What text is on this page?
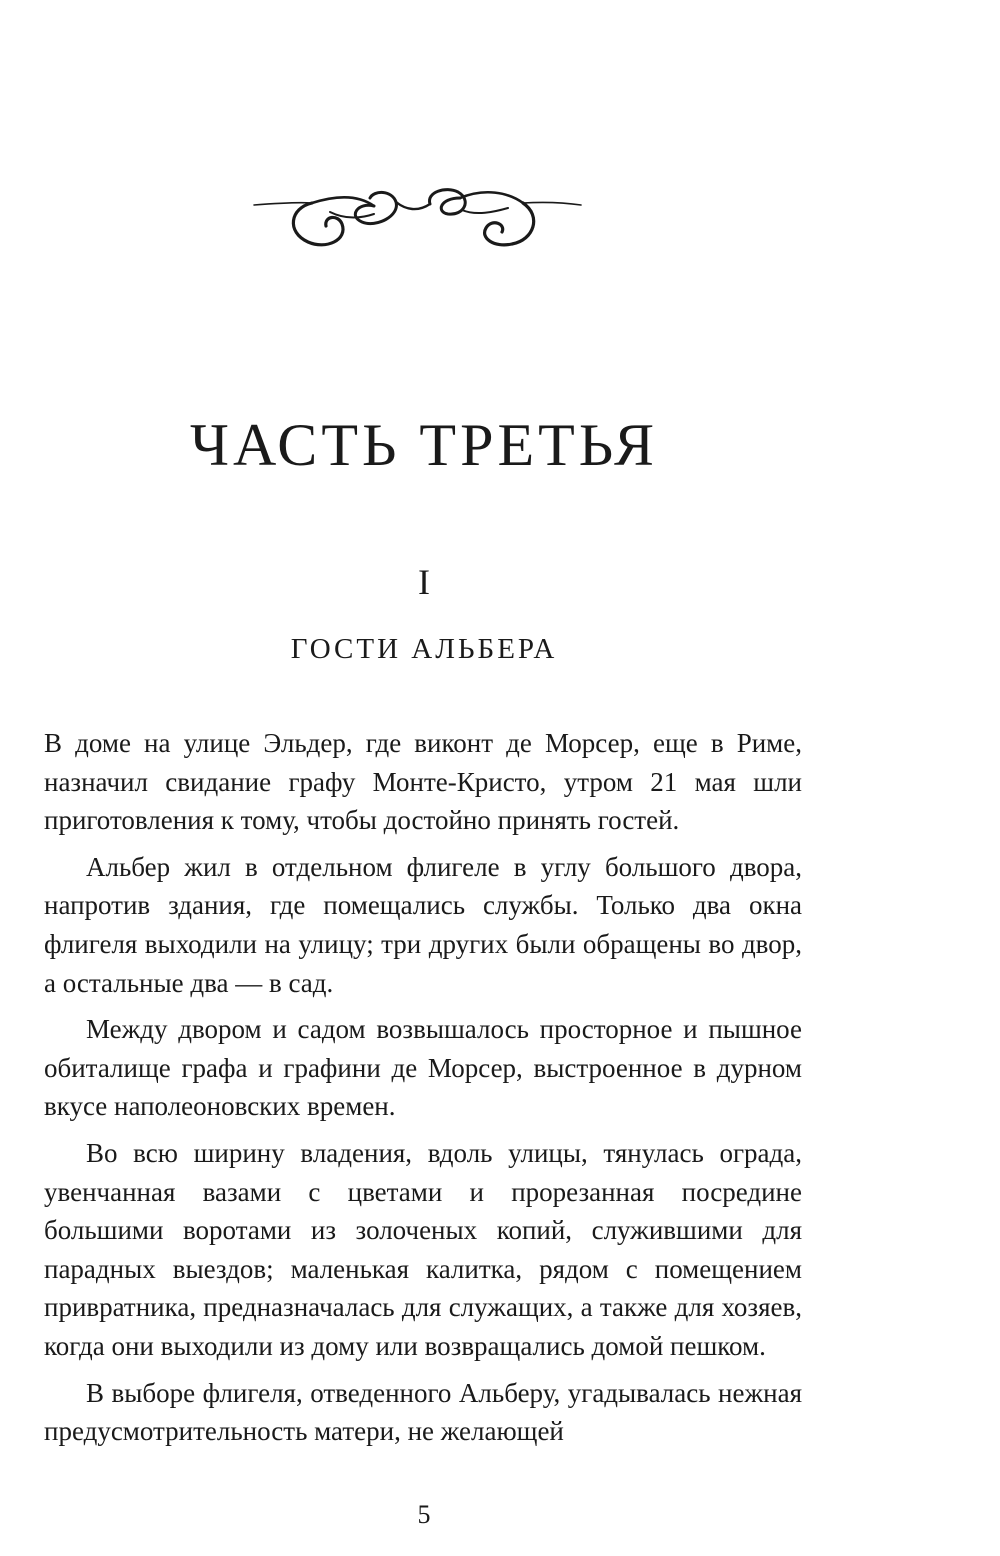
ЧАСТЬ ТРЕТЬЯ
I
ГОСТИ АЛЬБЕРА

В доме на улице Эльдер, где виконт де Морсер, еще в Риме, назначил свидание графу Монте-Кристо, утром 21 мая шли приготовления к тому, чтобы достойно принять гостей.

Альбер жил в отдельном флигеле в углу большого двора, напротив здания, где помещались службы. Только два окна флигеля выходили на улицу; три других были обращены во двор, а остальные два — в сад.

Между двором и садом возвышалось просторное и пышное обиталище графа и графини де Морсер, выстроенное в дурном вкусе наполеоновских времен.

Во всю ширину владения, вдоль улицы, тянулась ограда, увенчанная вазами с цветами и прорезанная посредине большими воротами из золоченых копий, служившими для парадных выездов; маленькая калитка, рядом с помещением привратника, предназначалась для служащих, а также для хозяев, когда они выходили из дому или возвращались домой пешком.

В выборе флигеля, отведенного Альберу, угадывалась нежная предусмотрительность матери, не желающей

5
